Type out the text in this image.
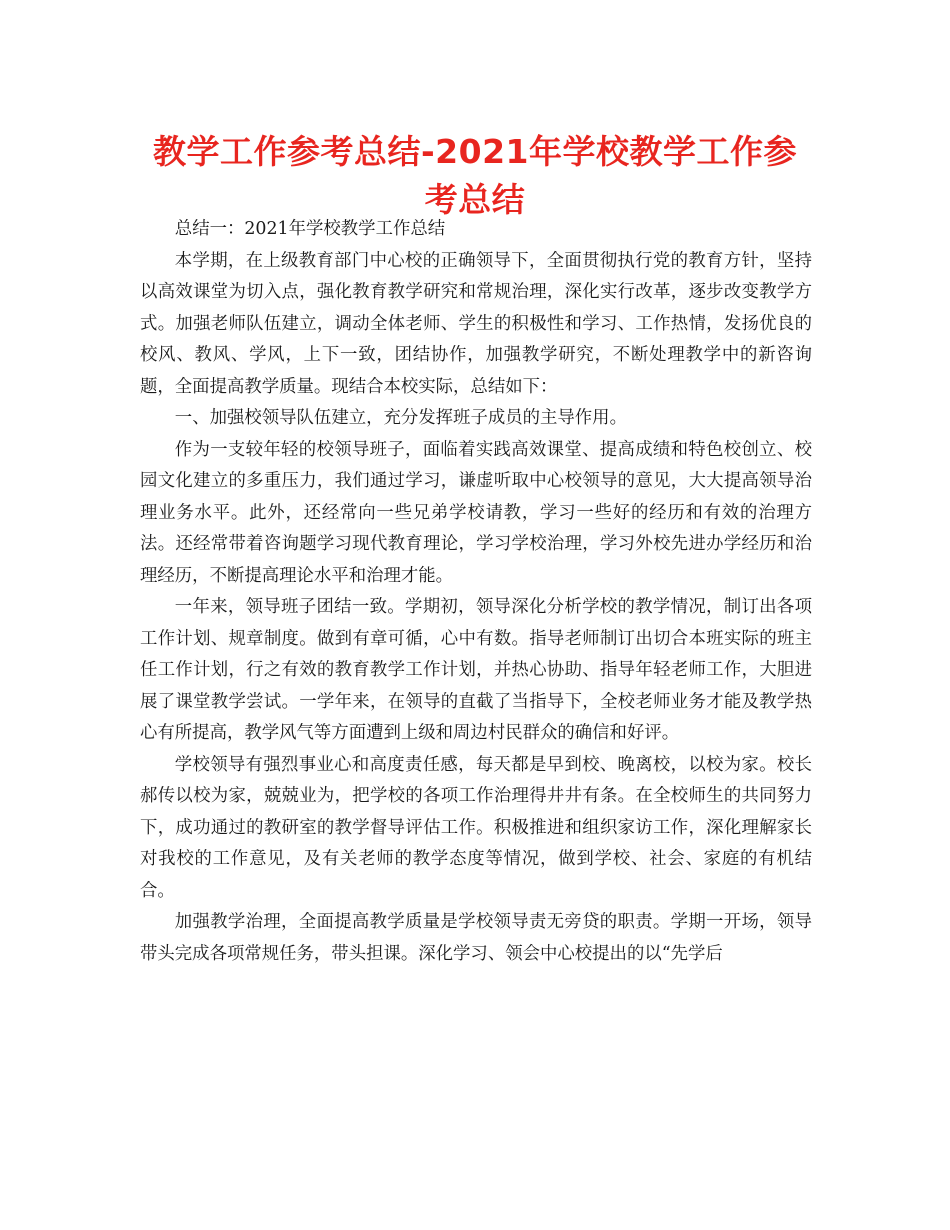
教学工作参考总结-2021年学校教学工作参考总结

总结一：2021年学校教学工作总结

本学期，在上级教育部门中心校的正确领导下，全面贯彻执行党的教育方针，坚持以高效课堂为切入点，强化教育教学研究和常规治理，深化实行改革，逐步改变教学方式。加强老师队伍建立，调动全体老师、学生的积极性和学习、工作热情，发扬优良的校风、教风、学风，上下一致，团结协作，加强教学研究，不断处理教学中的新咨询题，全面提高教学质量。现结合本校实际，总结如下：

一、加强校领导队伍建立，充分发挥班子成员的主导作用。

作为一支较年轻的校领导班子，面临着实践高效课堂、提高成绩和特色校创立、校园文化建立的多重压力，我们通过学习，谦虚听取中心校领导的意见，大大提高领导治理业务水平。此外，还经常向一些兄弟学校请教，学习一些好的经历和有效的治理方法。还经常带着咨询题学习现代教育理论，学习学校治理，学习外校先进办学经历和治理经历，不断提高理论水平和治理才能。

一年来，领导班子团结一致。学期初，领导深化分析学校的教学情况，制订出各项工作计划、规章制度。做到有章可循，心中有数。指导老师制订出切合本班实际的班主任工作计划，行之有效的教育教学工作计划，并热心协助、指导年轻老师工作，大胆进展了课堂教学尝试。一学年来，在领导的直截了当指导下，全校老师业务才能及教学热心有所提高，教学风气等方面遭到上级和周边村民群众的确信和好评。

学校领导有强烈事业心和高度责任感，每天都是早到校、晚离校，以校为家。校长郝传以校为家，兢兢业为，把学校的各项工作治理得井井有条。在全校师生的共同努力下，成功通过的教研室的教学督导评估工作。积极推进和组织家访工作，深化理解家长对我校的工作意见，及有关老师的教学态度等情况，做到学校、社会、家庭的有机结合。

加强教学治理，全面提高教学质量是学校领导责无旁贷的职责。学期一开场，领导带头完成各项常规任务，带头担课。深化学习、领会中心校提出的以“先学后
